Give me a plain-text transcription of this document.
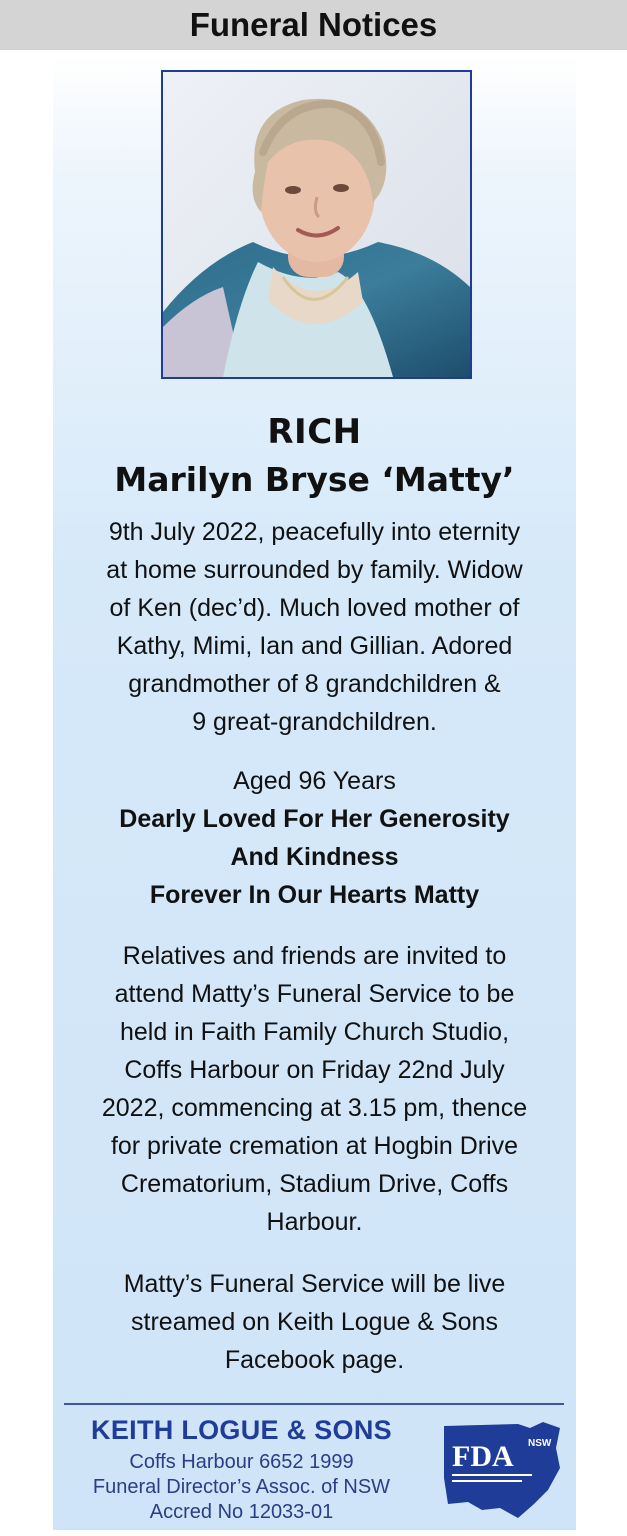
Funeral Notices
RICH
Marilyn Bryse ‘Matty’
9th July 2022, peacefully into eternity
at home surrounded by family. Widow
of Ken (dec’d). Much loved mother of
Kathy, Mimi, Ian and Gillian. Adored
grandmother of 8 grandchildren &
9 great-grandchildren.
Aged 96 Years
Dearly Loved For Her Generosity
And Kindness
Forever In Our Hearts Matty
Relatives and friends are invited to
attend Matty’s Funeral Service to be
held in Faith Family Church Studio,
Coffs Harbour on Friday 22nd July
2022, commencing at 3.15 pm, thence
for private cremation at Hogbin Drive
Crematorium, Stadium Drive, Coffs
Harbour.
Matty’s Funeral Service will be live
streamed on Keith Logue & Sons
Facebook page.
KEITH LOGUE & SONS
Coffs Harbour 6652 1999
Funeral Director’s Assoc. of NSW
Accred No 12033-01
FDA NSW
